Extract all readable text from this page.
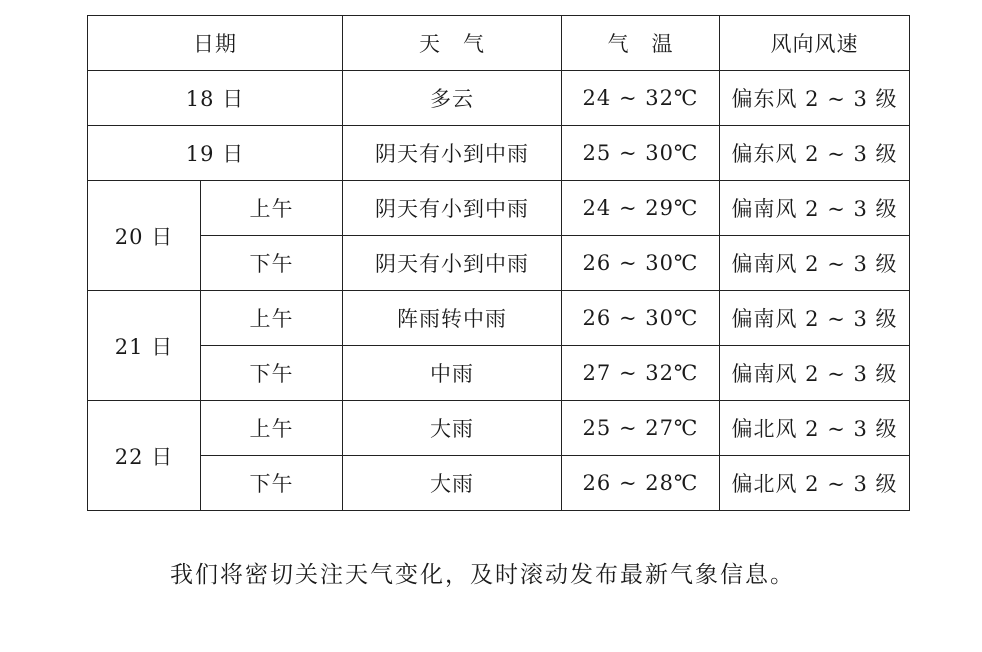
日期		天　气	气　温	风向风速
18 日		多云	24 ~ 32℃	偏东风 2 ~ 3 级
19 日		阴天有小到中雨	25 ~ 30℃	偏东风 2 ~ 3 级
20 日	上午	阴天有小到中雨	24 ~ 29℃	偏南风 2 ~ 3 级
	下午	阴天有小到中雨	26 ~ 30℃	偏南风 2 ~ 3 级
21 日	上午	阵雨转中雨	26 ~ 30℃	偏南风 2 ~ 3 级
	下午	中雨	27 ~ 32℃	偏南风 2 ~ 3 级
22 日	上午	大雨	25 ~ 27℃	偏北风 2 ~ 3 级
	下午	大雨	26 ~ 28℃	偏北风 2 ~ 3 级
我们将密切关注天气变化，及时滚动发布最新气象信息。
